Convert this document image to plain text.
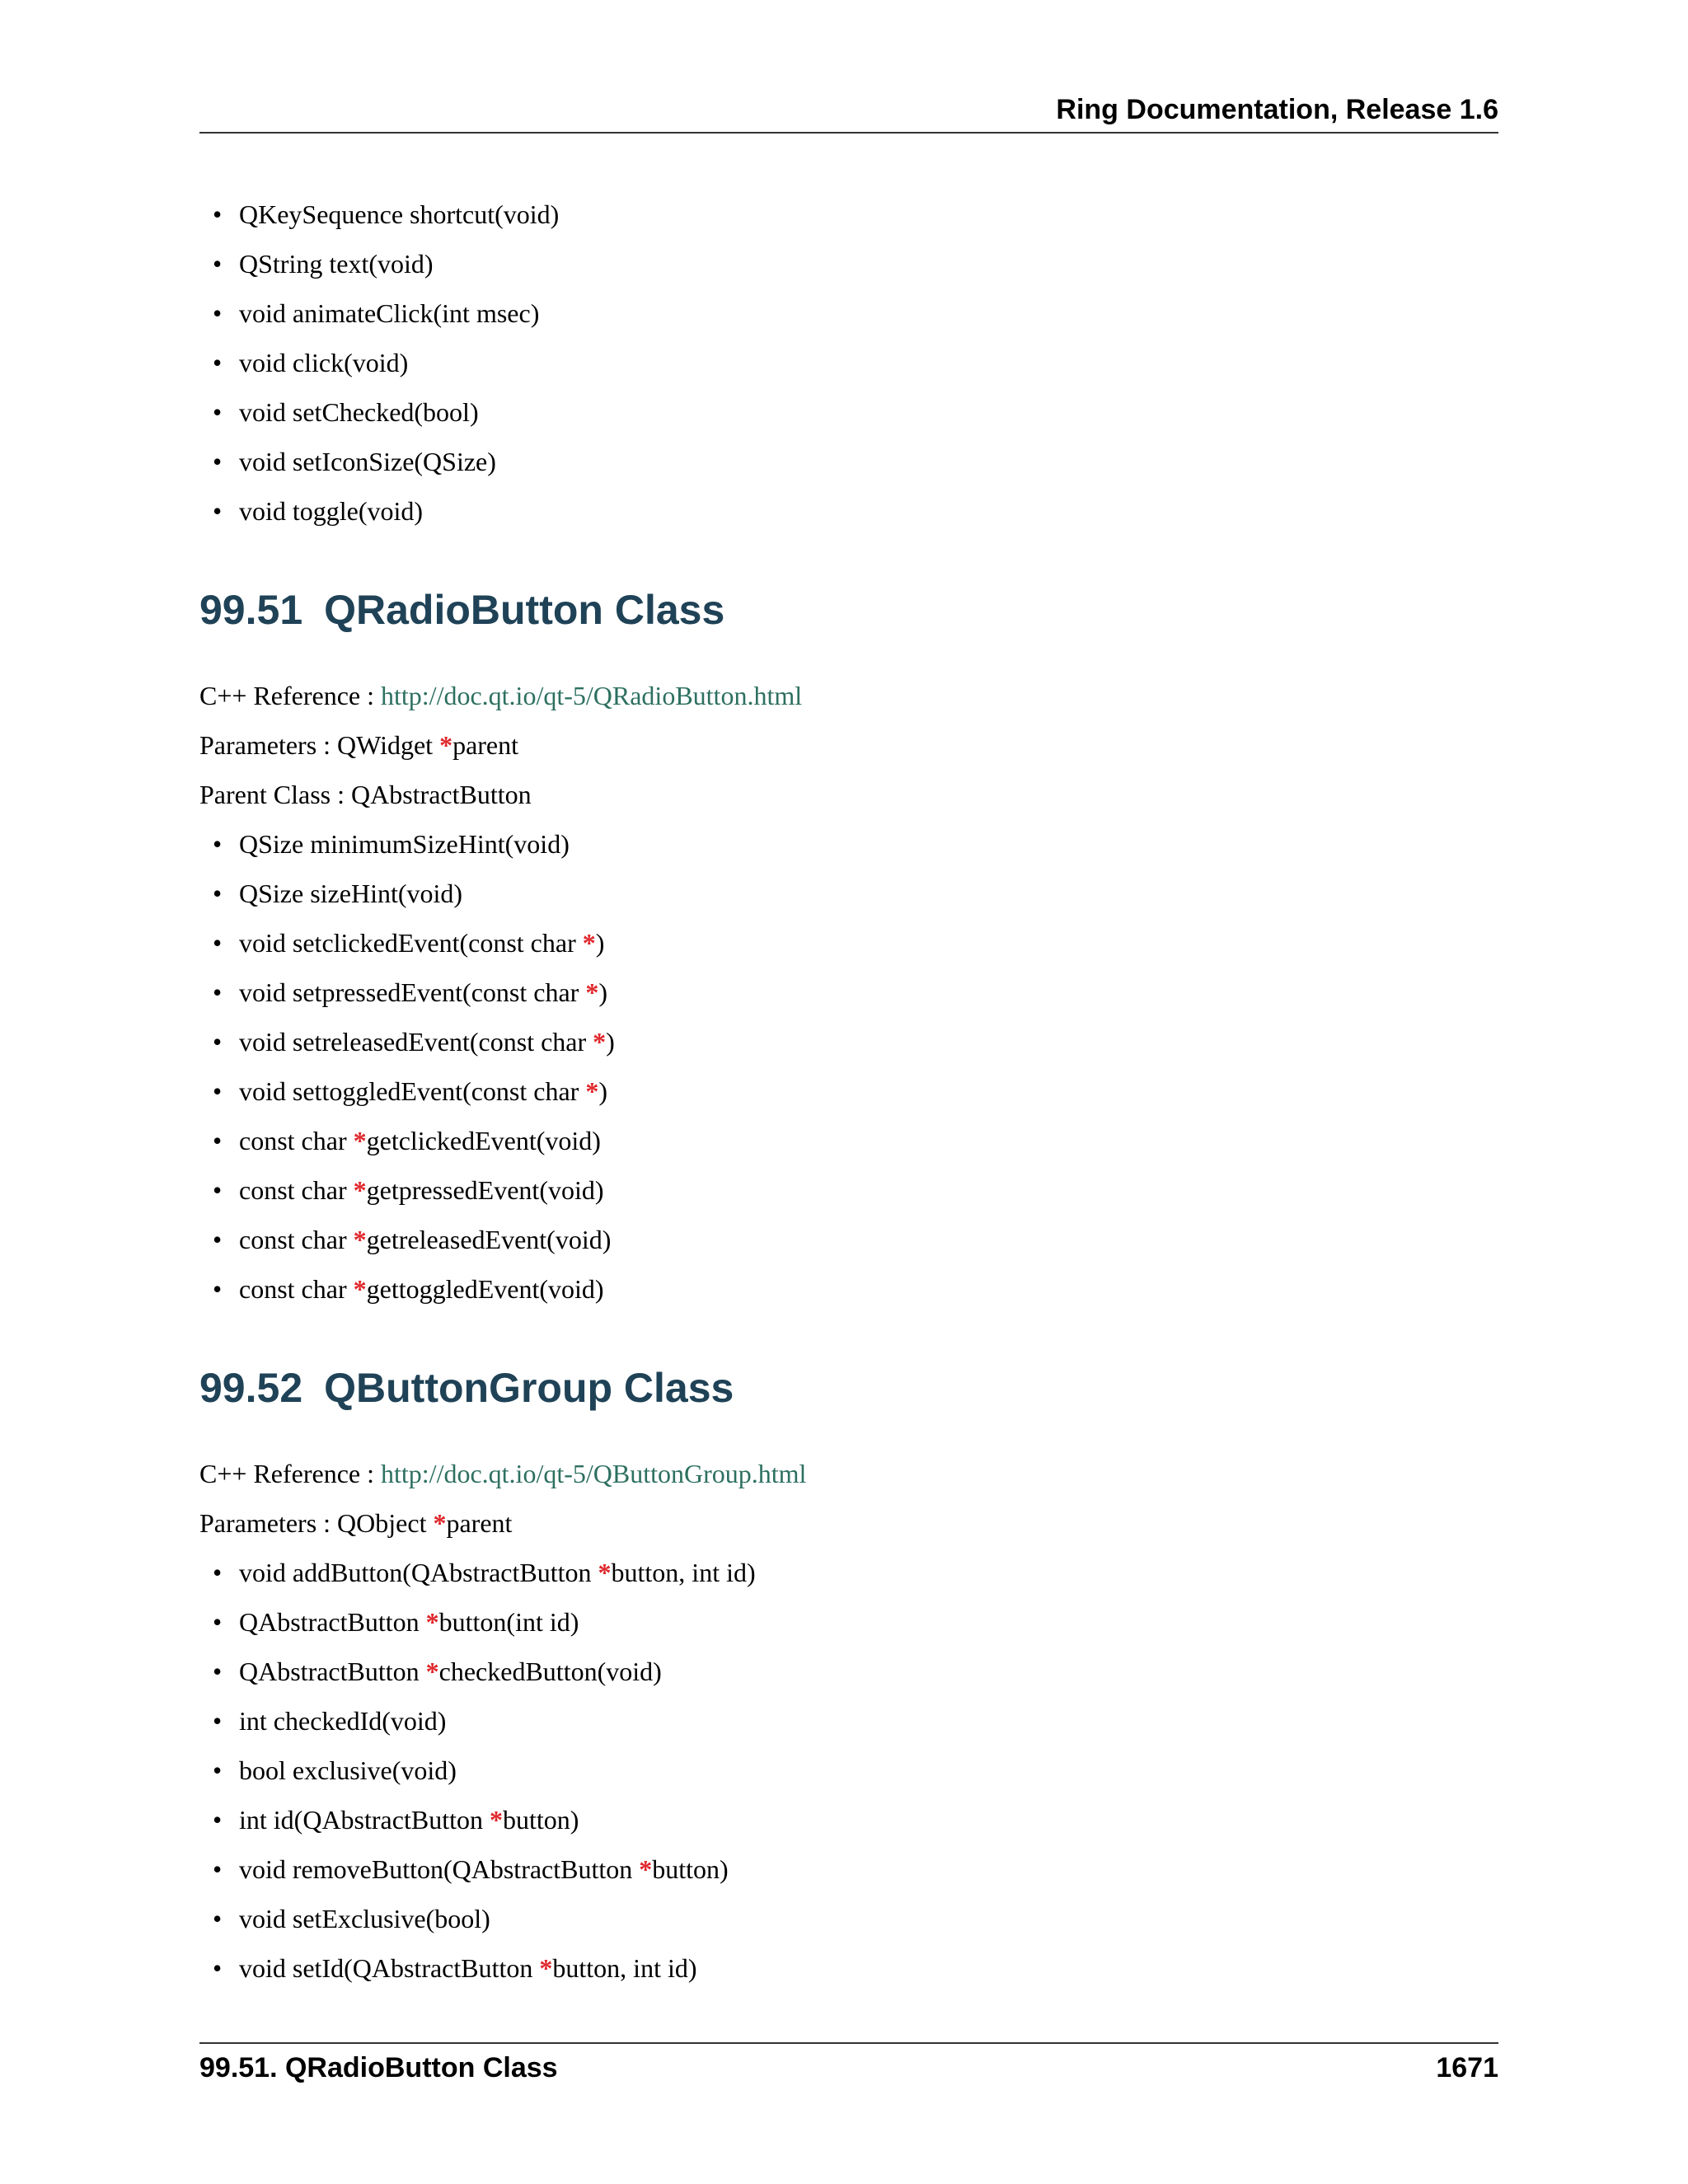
Ring Documentation, Release 1.6
• QKeySequence shortcut(void)
• QString text(void)
• void animateClick(int msec)
• void click(void)
• void setChecked(bool)
• void setIconSize(QSize)
• void toggle(void)
99.51 QRadioButton Class
C++ Reference : http://doc.qt.io/qt-5/QRadioButton.html
Parameters : QWidget *parent
Parent Class : QAbstractButton
• QSize minimumSizeHint(void)
• QSize sizeHint(void)
• void setclickedEvent(const char *)
• void setpressedEvent(const char *)
• void setreleasedEvent(const char *)
• void settoggledEvent(const char *)
• const char *getclickedEvent(void)
• const char *getpressedEvent(void)
• const char *getreleasedEvent(void)
• const char *gettoggledEvent(void)
99.52 QButtonGroup Class
C++ Reference : http://doc.qt.io/qt-5/QButtonGroup.html
Parameters : QObject *parent
• void addButton(QAbstractButton *button, int id)
• QAbstractButton *button(int id)
• QAbstractButton *checkedButton(void)
• int checkedId(void)
• bool exclusive(void)
• int id(QAbstractButton *button)
• void removeButton(QAbstractButton *button)
• void setExclusive(bool)
• void setId(QAbstractButton *button, int id)
99.51. QRadioButton Class	1671
